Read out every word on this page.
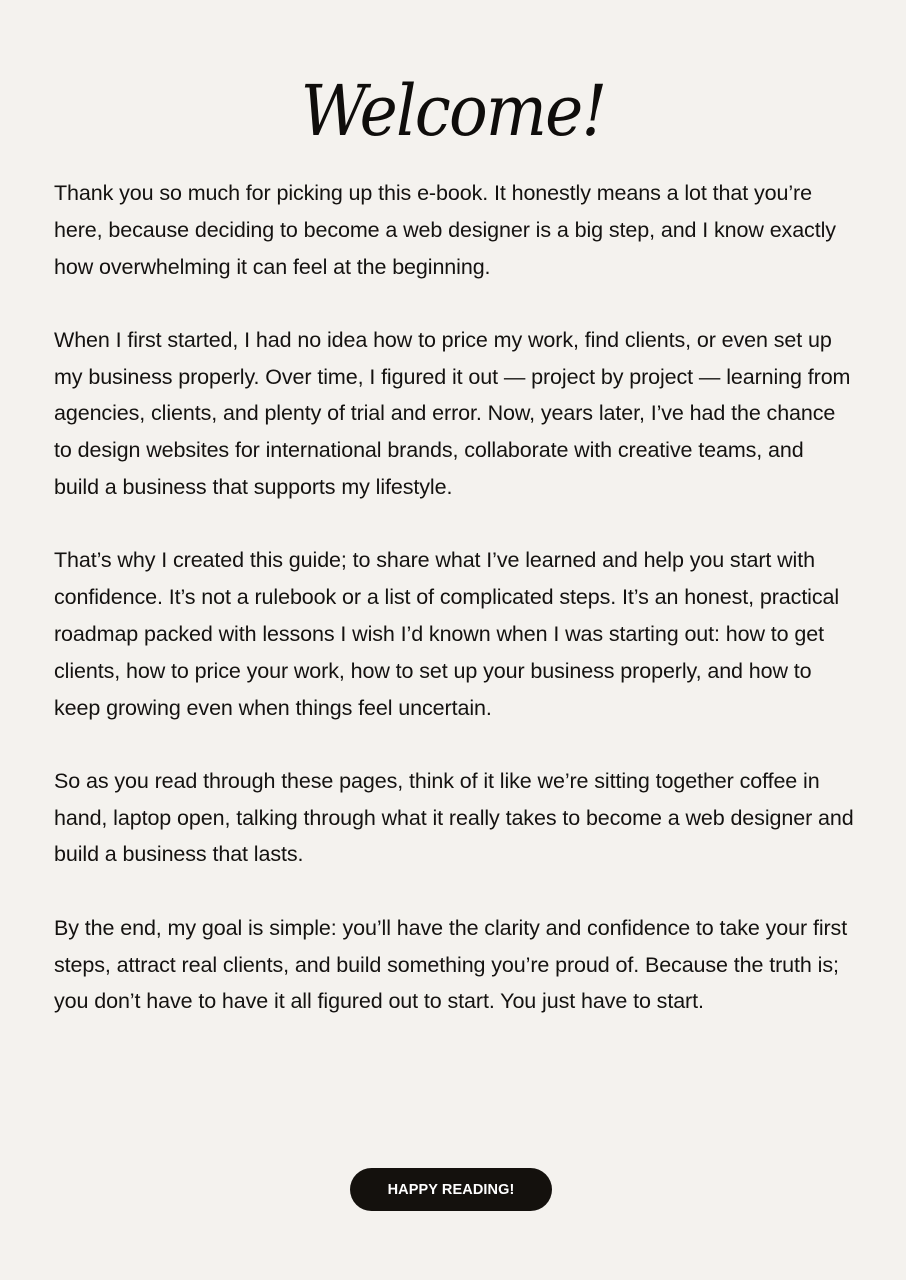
Welcome!

Thank you so much for picking up this e-book. It honestly means a lot that you’re here, because deciding to become a web designer is a big step, and I know exactly how overwhelming it can feel at the beginning.

When I first started, I had no idea how to price my work, find clients, or even set up my business properly. Over time, I figured it out — project by project — learning from agencies, clients, and plenty of trial and error. Now, years later, I’ve had the chance to design websites for international brands, collaborate with creative teams, and build a business that supports my lifestyle.

That’s why I created this guide; to share what I’ve learned and help you start with confidence. It’s not a rulebook or a list of complicated steps. It’s an honest, practical roadmap packed with lessons I wish I’d known when I was starting out: how to get clients, how to price your work, how to set up your business properly, and how to keep growing even when things feel uncertain.

So as you read through these pages, think of it like we’re sitting together coffee in hand, laptop open, talking through what it really takes to become a web designer and build a business that lasts.

By the end, my goal is simple: you’ll have the clarity and confidence to take your first steps, attract real clients, and build something you’re proud of. Because the truth is; you don’t have to have it all figured out to start. You just have to start.

HAPPY READING!
